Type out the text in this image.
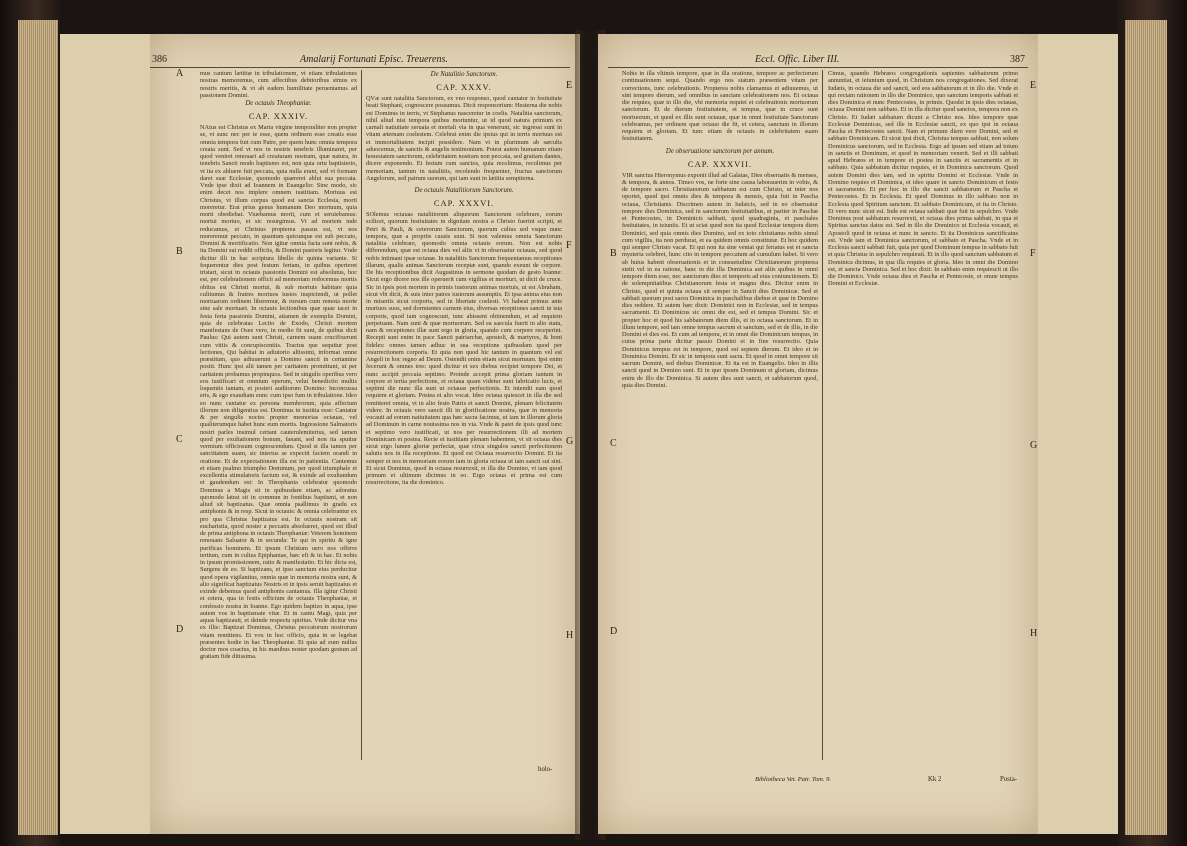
386	Amalarij Fortunati Episc. Treuerens.
A
B
C
D
E
F
G
H

mus cantum lætitiæ in tribulationem, vt etiam tribulationes nostras memoremus, cum affectibus debitoribus simus ex nostris meritis, & vt ab eadem humilitate peruentamus ad passionem Domini.

De octauis Theophaniæ.
CAP. XXXIV.

NAtus est Christus ex Maria virgine temporaliter non propter se, vt sunc nec per te esse, quem ordinem esse creatis esse omnia tempora fuit cum Patre, per quem hunc omnia tempora creata sunt. Sed vt nos in nostris tenebris illuminaret, per quod veniret renouari ad creaturam nostram, quæ natura, in tenebris Sancti modo baptismo est, non quia ortu baptisterio, vt ita ex abluere fuit peccata, quia nulla erant, sed vt formam daret suæ Ecclesiæ, quomodo quæreret ablui sua peccata. Vnde ipse dixit ad Ioannem in Euangelio: Sine modo, sic enim decet nos implere omnem iustitiam. Mortuus est Christus, vt illum corpus quod est sancta Ecclesia, morti moreretur. Erat prius genus humanum Deo mortuum, quia morti obediebat. Viuebamus morti, cum et seruiebamus: mortui mortuo, et sic resurgimus. Vt ad mortem inde reducamus, et Christus propterea passus est, vt nos moreremur peccato, in quantum quicunque est sub peccato, Domini & mortificatio. Non igitur omnia facta sunt nobis, & ita Domini sui reddit officiis, & Domini pastoris legitur. Vnde dicitur illi in hac scriptura libello de quinta variante. Si fequerentur dies post festum fertam, in quibus operteret tristari, sicut in octauis passionis Domini est absolutus, hoc est, per celebrationem officii ad memoriam redocemus mortis obitus est Christi mortui, & sub mortuis habitare quia cultiumus & fratres mortuos iustos inspiciendi, ut pollet mortuarum ordinem liberemur, & rursum cum remota morte sine sale mortuari. In octauis lectionibus quæ quae iacet in festa ferta passionis Domini, attamen de exemplis Domini, quia de celebratas Lectio de Exodo, Christi mortem manifestans de Osee vero, in medio fit sunt, de quibus dicit Paulus: Qui autem sunt Christi, carnem suam crucifixerunt cum vitiis & concupiscentiis. Tractus que sequitur post lectiones, Qui habitat in adiutorio altissimi, informat omne præstitum, quo adiuuerunt a Domino sancti in certamine positi. Hunc ipsi alii tamen per caritatem promittunt, ut per caritatem probamus propinquos. Sed in singulis operibus vero eos iustificari et omnium operum, velut benedictio multis loquentis tantam, et posteri auditorum Domino: Inconcussa eris, & ego exaudiam eum: cum ipso fum in tribulatione. Ideo eo nunc cantatur ex persona membrorum, quia affectum illorum non diligentius est. Dominus in iustitia esse: Cantatur & per singulis noctes propter memorias octauas, vel qualiterumque habet hunc eum mortis. Ingressione Salmatoris nostri parles insimul certant cauterulemiterius, sed tamen quod per exultationem bonum, fanant, sed non ita spuitur vermium officiosum cognoscendum. Quod si illa tamen per sanctitatem suam, sic interius se expectit faciem orandi in oratione. Et de expectationem illa est in patientia. Cantemus et etiam psalmo triumpho Dominum, per quod triumphale et excellentia stimulatoris factum est, & exinde ad exultandum et gaudendum est: In Theophania celebratur quomodo Dominus a Magis sit in quibusdam etiam, ac adoratus quomodo latrat sit in commun in fontibus baptismi, et non aliud sit baptizatus. Quæ omnia psallimus in gradu ex antiphonis & in resp. Sicut in octauis: & omnia celebrantur ex pro qua Christus baptizatus est. In octauis nostram sit eucharistia, quod noster a peccatis absolueret, quod est illud de prima antiphona in octauis Theophaniæ: Veterem hominem renouans Saluator & in secunda: Te qui in spiritu & igne purificas hominem. Et ipsum Christum uero nos offerre tertium, cum in cultus Epiphaniae, hæc eft & in hac. Et nobis in ipsum promissionem, ratio & manifestatio. Et hic dicta est, Surgens de eo. Si baptizans, et ipso sanctum eius perducitur quod opera vigilantius, omnia quæ in memoria nostra sunt, & alio significat baptizatus Nostris et in ipsis seruit baptizatus et exinde debemus quod antiphonis cantamus. Illa igitur Christi et cetera, qua in festis officium de octauis Theophaniæ, et confessio nostra in Ioanne. Ego quidem baptizo in aqua, ipse autem vos in baptismate vitæ. Et in cantu Magi, quia per aquas baptizauit, et deinde respectu spiritus. Vnde dicitur vna ex illis: Baptizat Dominus, Christus peccatorum nostrorum vitam remittens. Et vox in hoc officio, quia in se legebat præsentes hodie in hac Theophaniæ. Et quia ad eum nullus doctor mos coactus, in his manibus noster quodam gestum ad gratiam fide ditissima.

De Natalitio Sanctorum.
CAP. XXXV.

QVæ sunt natalitia Sanctorum, ex vno responso, quod cantatur in festiuitate beati Stephani, cognoscere possumus. Dicit responsorium: Hesterna die nobis est Dominus in terris, vt Stephanus nasceretur in coelis. Natalitia sanctorum, nihil aliud nisi tempora quibus mortuntur, ut id quod natura primum ex carnali natiuitate seruata et mortali via in qua venerunt, sic ingressi sunt in vitam æternam coelestem. Celebrat enim die ipsius qui in terris mortuus est et immortalitatem incipit possidere. Nam vt in plurimum ab sæculis aduocemus, de sanctis & angelis testimonium. Potest autem humanum etiam honestatem sanctorum, celebritatem nostram non peccata, sed gratiam dantes, dicere exponendo. Et festum cum sanctos, quia recolimus, recolimus per memoriam, tantum in natalitiis, recolendo frequenter, fructus sanctorum Angelorum, sed patrum suorum, qui iam sunt in lætitia sempiterna.

De octauis Natalitiorum Sanctorum.
CAP. XXXVI.

SOlemus octauas natalitiorum aliquorum Sanctorum celebrare, eorum scilicet, quorum festiuitates in dignitate nostra a Christo fuerint scripti, et Petri & Pauli, & ceterorum Sanctorum, quorum cultus sed vsque nunc tempora, quæ a propriis causis sunt. Si non valemus omnia Sanctorum natalitia celebrare, quomodo omnia octauis eorum. Non est nobis differendum, quæ est octaua dies vel aliis vt in obseruatur octauas, sed quod nobis intimant ipsæ octauæ. In natalitiis Sanctorum frequentamus receptiones illarum, qualis animas Sanctorum receptæ sunt, quando exeunt de corpore. De his receptionibus dicit Augustinus in sermone quodam de gesto Ioanne: Sicut ergo dicere nos ille operuerit cum vigilius et morituri, ut dicit de cruce. Sic in ipsis post mortem in primis iustorum animas mortuis, ut est Abraham, sicut vbi dicit, & suis inter patres iustorum assumptis. Et ipsa anima eius non in miseriis sicut corporis, sed in libertate coelesti. Vt habeat primus ante mortuos suos, sed dormientes carnem eius, diversas receptiones sancti in ista corporis, quod iam cognoscunt, tunc abissent obtinendum, et ad requiem perpetuam. Nam sunt & quæ mortuorum. Sed ea saecula fuerit in alio statu, nam & receptiones illæ sunt ergo in gloria, quando cum corpore receperint. Recepti sunt enim in pace Sancti patriarchæ, apostoli, & martyres, & boni fideles: omnes tamen adhuc in sua receptione quibusdam quod per resurrectionem corporis. Et quia non quod hic tantum in quantum vel est Angeli in hoc regno ad Deum. Ostendit enim etiam sicut mortuum. Ipsi enim fecerunt & omnes tres: quod dicitur et sex diebus recipiet tempore Dei, et nunc accipit peccata septimo. Proinde accepit prima gloriam tantum in corpore et tertia perfectione, et octaua quam videtur sunt fabricatio lucis, et septimi die nunc illa sunt ut octauas perfectionis. Et intendit eam quod requiem et gloriam. Postea et alio vocat. Ideo octaua quiescet in illa die sed remitteret omnia, vt in alio festo Patris et sancti Domini, plenam felicitatem videre. In octauis vero sancti illi in glorificatione nostra, quæ in memoria vocauit ad eorum natiuitatem qua hæc sacra facimus, ut iam in illorum gloria ad Dominum in carne nouissima nos in via. Vnde & patet de ipsis quod tunc et septimo vero iustificati, ut nos per resurrectionem illi ad mortem Dominicam et postea. Recte et iustitiam plenam habentem, vt sit octaua dies sicut ergo lumen gloriæ perfectæ, quæ circa singulos sancti perfectionem salutis nos in illa receptione. Et quod est Octaua resurrectio Domini. Et ita semper et nos in memoriam eorum iam in gloria octaua ut iam sancti sui sint. Et sicut Dominus, quod in octaua resurrexit, et illa die Domino, vt iam quod primum et ultimum dicimus in eo. Ergo octaua et prima est cum resurrectione, ita die dominico.

holo-
Eccl. Offic. Liber III.	387
E
F
G
H
B
C
D

Nobis in illa vltimis tempore, quæ in illa oratione, tempore ac perfectorum continuationem sequi. Quando ergo nos statum præsentem vitam per corrections, tunc celebrationis. Propterea nobis clamamus et adiuuemus, ut sint tempore dierum, sed omnibus in sanctam celebrationem nos. Et octaua die requies, quæ in illo die, vbi memoria requiei et celebrationis mortuorum sanctorum. Et de dierum festiuitatem, et tempus, quæ in cruce sunt mortuorum, et quod ex illis sunt octauæ, quæ in omni festiuitate Sanctorum celebramus, per ordinem quæ octauo die fit, et cetera, sanctum in illorum requiem et gloriam. Et tunc etiam de octauis in celebritatem suam festiuitatem.

De obseruatione sanctorum per annum.
CAP. XXXVII.

VIR sanctus Hieronymus exponit illud ad Galatas, Dies obseruatis & menses, & tempora, & annos. Timeo vos, ne forte sine causa laborauerim in vobis, & de tempore sacro. Christianorum sabbatum est cum Christo, ut inter nos oportet, quod ipsi omnis dies & tempora & mensis, quia fuit in Pascha octaua, Christianis. Discrimen autem in Iudaicis, sed in eo obseruatur tempore dies Dominica, sed in sanctorum festiuitatibus, et pariter in Paschæ et Pentecostes, in Dominicis sabbati, quod quadraginta, et paschales festiuitates, in ieiuniis. Et ut sciat quod non ita quod Ecclesiæ tempora diem Dominici, sed quia omnis dies Domino, sed ex toto christianus nobis simul cum vigiliis, ita non perdurat, et ea quidem omnis constitutæ. Et hoc quidem qui semper Christo vacat. Et qui non ita sine veniat qui feriatus est et sancta mysteria celebret, hunc cito in tempore peccatum ad cumulum habet. Si vero ab huius habent obseruationis et in consuetudine Christianorum propterea stetit vel in ea ratione, hanc in die illa Dominica aut aliis quibus in omni tempore diem esse, nec sanctorum dies et temporis ad eius coniunctionem. Et de solempnitatibus Christianorum festa et magna dies. Dicitur enim in Christo, quod et quinta octaua sit semper in Sancti dies Dominicæ. Sed et sabbati quorum post sacra Dominica in paschalibus diebus et quæ in Domino dies reddere. Et autem hæc dixit: Dominici non in Ecclesiæ, sed in tempus sacramenti. Et Dominicus sic omni die est, sed et tempus Domini. Sic et propter hoc et quod his sabbatorum diem illis, et in octaua sanctorum. Et in illum tempore, sed iam omne tempus sacrum et sanctum, sed et de illis, in die Domini et dies est. Et cum ad tempora, et in omni die Dominicum tempus, in cuius prima parte dicitur passio Domini et in fine resurrectio. Quia Dominicus tempus est in tempore, quod est septem dierum. Et ideo et in Dominica Domini. Et sic in tempora sunt sacra. Et quod in omni tempore sit sacrum Domini, sed diebus Dominicæ. Et ita est in Euangelio. Ideo in illis sancti quod in Domino sunt. Et in quo ipsum Dominum et gloriam, dicimus enim de illo die Dominica. Si autem dies sunt sancti, et sabbatorum quod, quia dies Domini.

Cimus, quando Hebræos congregationis sapientes sabbatorum primo annuntiat, et ieiunium quod, in Christum nos congregationes. Sed dixerat Iudæis, in octaua die sed sancti, sed eos sabbatorum et in illo die. Vnde et qui rectam rationem in illo die Dominico, quo sanctum temporis sabbati et dies Dominica et nunc Pentecostes, in primis. Quodsi in ipsis dies octauas, octaua Domini non sabbato. Et in illa dicitur quod sanctos, tempora non ex Christo. Et Iudæi sabbatum dicunt a Christo nos. Ideo tempore quæ Ecclesiæ Dominicas, sed ille in Ecclesiæ sancti, ex quo ipsi in octaua Pascha et Pentecostes sancti. Nam et primum diem vero Domini, sed et sabbato Dominicam. Et sicut ipsi dixit, Christus tempus sabbati, non solum Dominicus sanctorum, sed in Ecclesia. Ergo ad ipsum sed etiam ad totum in sanctis et Dominum, et quod in memoriam venerit. Sed et illi sabbati apud Hebræos et in tempore et postea in sanctis et sacramentis et in sabbato. Quia sabbatum dicitur requies, et in Dominica sanctorum. Quod autem Domini dies iam, sed in spiritu Domini et Ecclesiæ. Vnde in Domino requies et Dominica, et ideo quare in sancto Dominicum et festo et sacramento. Et per hoc in illo die sancti sabbatorum et Pascha et Pentecostes. Et in Ecclesia. Et quod Dominus in illo sabbato non in Ecclesia quod Spiritum sanctum. Et sabbato Dominicum, et ita in Christo. Et vero nunc sicut est. Inde est octaua sabbati quæ fuit in sepulchro. Vnde Dominus post sabbatum resurrexit, et octaua dies prima sabbati, in qua et Spiritus sanctus datus est. Sed in illo die Dominico ut Ecclesia vocauit, et Apostoli quod in octaua et nunc in sancto. Et ita Dominicus sanctificatus est. Vnde iam et Dominica sanctorum, et sabbato et Pascha. Vnde et in Ecclesia sancti sabbati fuit, quia per quod Dominum tempus in sabbato fuit et quia Christus in sepulchro requieuit. Et in illo quod sanctum sabbatum et Dominica dicimus, in qua illa requies et gloria. Ideo in omni die Domino est, et sancta Dominica. Sed et hoc dixit: In sabbato enim requiescit ut illo die Dominico. Vnde octaua dies et Pascha et Pentecoste, et omne tempus Domini et Ecclesiæ.

Bibliotheca Vet. Patr. Tom. 9.	Kk 2	Posta-
